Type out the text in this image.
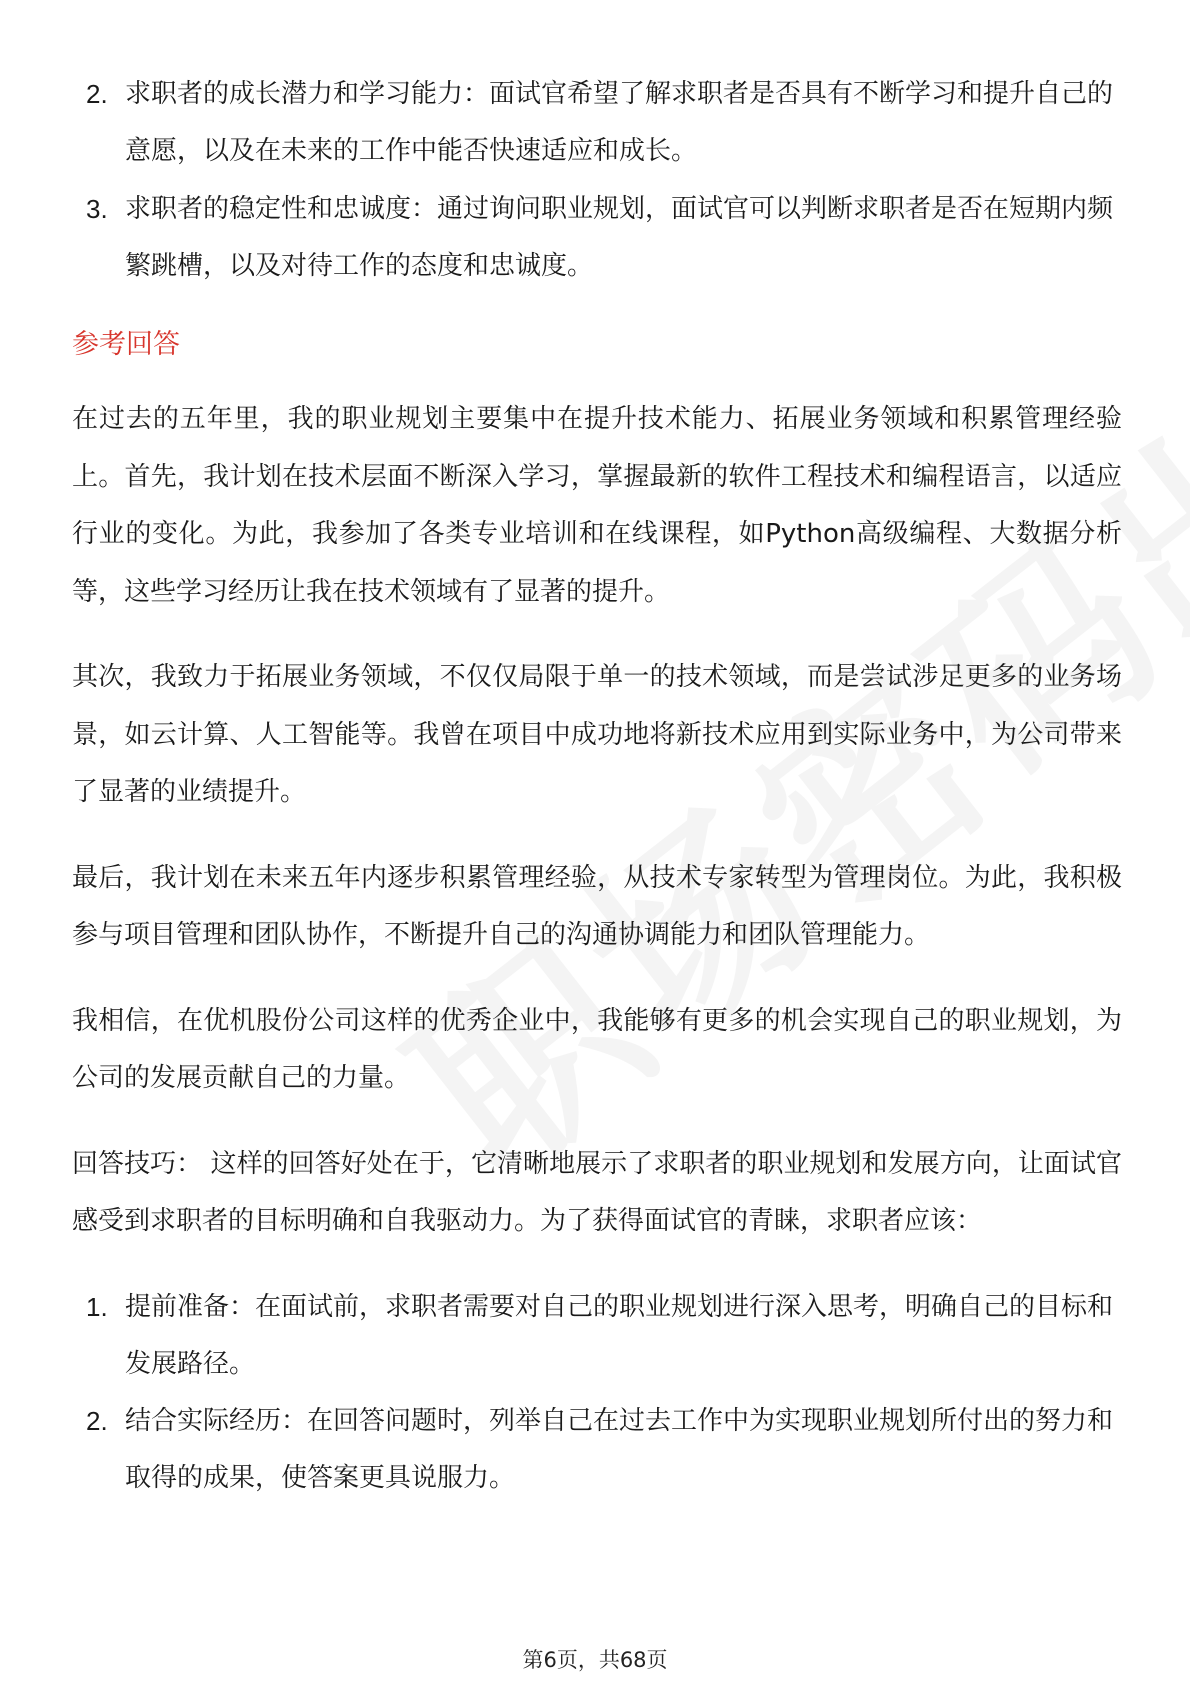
2. 求职者的成长潜力和学习能力：面试官希望了解求职者是否具有不断学习和提升自己的意愿，以及在未来的工作中能否快速适应和成长。
3. 求职者的稳定性和忠诚度：通过询问职业规划，面试官可以判断求职者是否在短期内频繁跳槽，以及对待工作的态度和忠诚度。
参考回答

在过去的五年里，我的职业规划主要集中在提升技术能力、拓展业务领域和积累管理经验上。首先，我计划在技术层面不断深入学习，掌握最新的软件工程技术和编程语言，以适应行业的变化。为此，我参加了各类专业培训和在线课程，如Python高级编程、大数据分析等，这些学习经历让我在技术领域有了显著的提升。

其次，我致力于拓展业务领域，不仅仅局限于单一的技术领域，而是尝试涉足更多的业务场景，如云计算、人工智能等。我曾在项目中成功地将新技术应用到实际业务中，为公司带来了显著的业绩提升。

最后，我计划在未来五年内逐步积累管理经验，从技术专家转型为管理岗位。为此，我积极参与项目管理和团队协作，不断提升自己的沟通协调能力和团队管理能力。

我相信，在优机股份公司这样的优秀企业中，我能够有更多的机会实现自己的职业规划，为公司的发展贡献自己的力量。

回答技巧： 这样的回答好处在于，它清晰地展示了求职者的职业规划和发展方向，让面试官感受到求职者的目标明确和自我驱动力。为了获得面试官的青睐，求职者应该：

1. 提前准备：在面试前，求职者需要对自己的职业规划进行深入思考，明确自己的目标和发展路径。
2. 结合实际经历：在回答问题时，列举自己在过去工作中为实现职业规划所付出的努力和取得的成果，使答案更具说服力。
第6页，共68页
